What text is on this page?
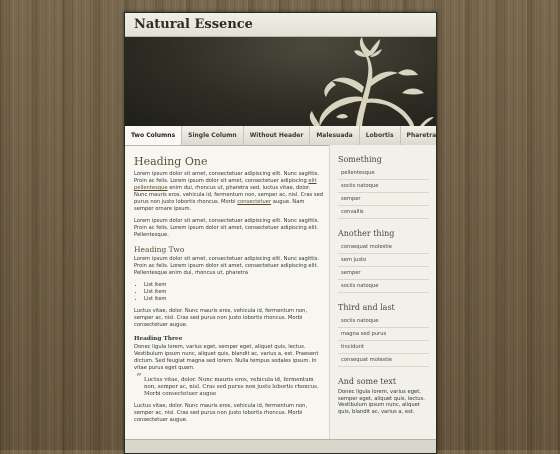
Natural Essence
Two Columns	Single Column	Without Header	Malesuada	Lobortis	Pharetra
Heading One

Lorem ipsum dolor sit amet, consectetuer adipiscing elit. Nunc sagittis. Proin ac felis. Lorem ipsum dolor sit amet, consectetuer adipiscing elit pellentesque enim dui, rhoncus ut, pharetra sed, luctus vitae, dolor. Nunc mauris eros, vehicula id, fermentum non, semper ac, nisl. Cras sed purus non justo lobortis rhoncus. Morbi consectetuer augue. Nam semper ornare ipsum.

Lorem ipsum dolor sit amet, consectetuer adipiscing elit. Nunc sagittis. Proin ac felis. Lorem ipsum dolor sit amet, consectetuer adipiscing elit. Pellentesque.

Heading Two

Lorem ipsum dolor sit amet, consectetuer adipiscing elit. Nunc sagittis. Proin ac felis. Lorem ipsum dolor sit amet, consectetuer adipiscing elit. Pellentesque enim dui, rhoncus ut, pharetra

• List item
• List item
• List item

Luctus vitae, dolor. Nunc mauris eros, vehicula id, fermentum non, semper ac, nisl. Cras sed purus non justo lobortis rhoncus. Morbi consectetuer augue.

Heading Three

Donec ligula lorem, varius eget, semper eget, aliquet quis, lectus. Vestibulum ipsum nunc, aliquet quis, blandit ac, varius a, est. Praesent dictum. Sed feugiat magna sed lorem. Nulla tempus sodales ipsum. In vitae purus eget quam.

“ Luctus vitae, dolor. Nunc mauris eros, vehicula id, fermentum non, semper ac, nisl. Cras sed purus non justo lobortis rhoncus. Morbi consectetuer augue

Luctus vitae, dolor. Nunc mauris eros, vehicula id, fermentum non, semper ac, nisl. Cras sed purus non justo lobortis rhoncus. Morbi consectetuer augue.

Something
pellentesque
sociis natoque
semper
convallis
Another thing
consequat molestie
sem justo
semper
sociis natoque
Third and last
sociis natoque
magna sed purus
tincidunt
consequat molestie
And some text

Donec ligula lorem, varius eget, semper eget, aliquet quis, lectus. Vestibulum ipsum nunc, aliquet quis, blandit ac, varius a, est.
